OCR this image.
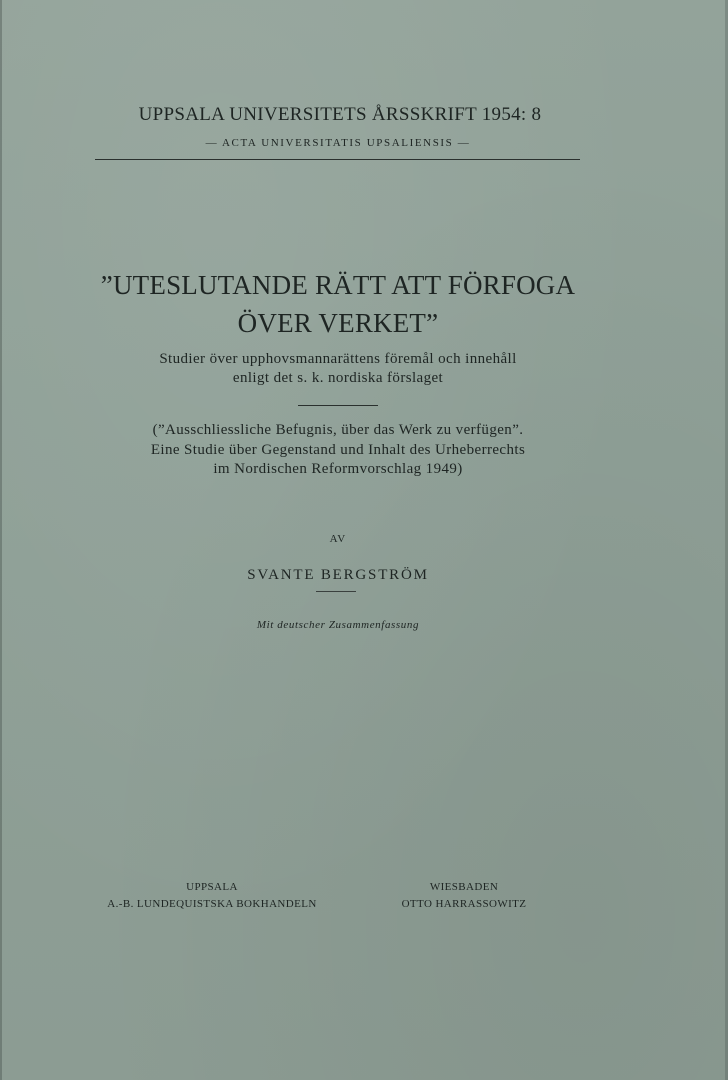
UPPSALA UNIVERSITETS ÅRSSKRIFT 1954: 8
— ACTA UNIVERSITATIS UPSALIENSIS —
”UTESLUTANDE RÄTT ATT FÖRFOGA
ÖVER VERKET”
Studier över upphovsmannarättens föremål och innehåll
enligt det s. k. nordiska förslaget
(”Ausschliessliche Befugnis, über das Werk zu verfügen”.
Eine Studie über Gegenstand und Inhalt des Urheberrechts
im Nordischen Reformvorschlag 1949)
AV
SVANTE BERGSTRÖM
Mit deutscher Zusammenfassung
UPPSALA
A.-B. LUNDEQUISTSKA BOKHANDELN
WIESBADEN
OTTO HARRASSOWITZ
